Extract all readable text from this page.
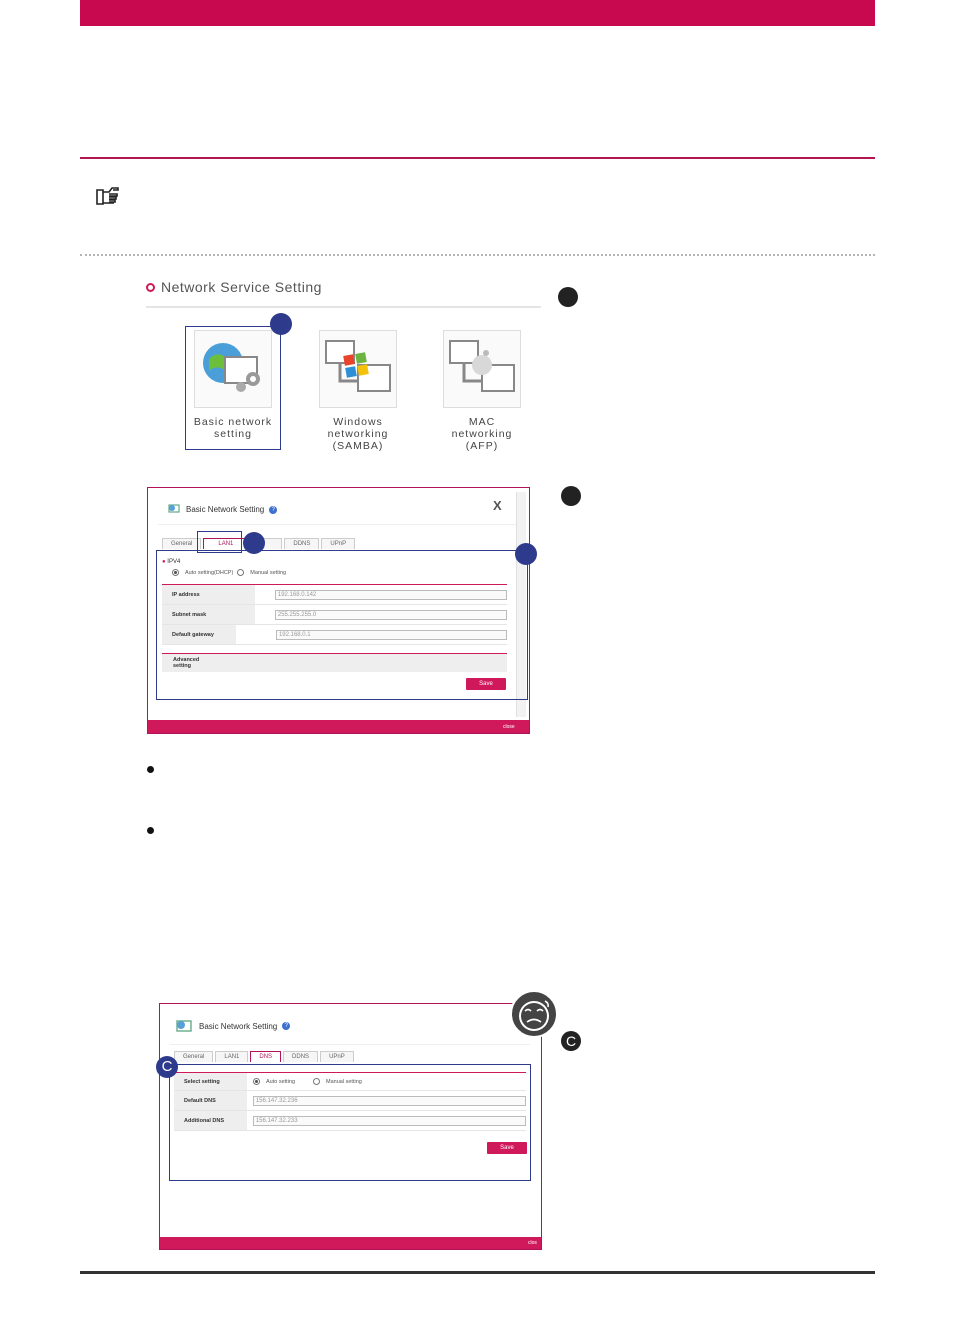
Network Service Setting
Basic network
setting
Windows
networking
(SAMBA)
MAC
networking
(AFP)
Basic Network Setting	?	X
General	LAN1	DDNS	UPnP
● IPV4
Auto setting(DHCP)	Manual setting
IP address	192.168.0.142
Subnet mask	255.255.255.0
Default gateway	192.168.0.1
Advanced setting
Save
close
Basic Network Setting	?
General	LAN1	DNS	DDNS	UPnP
Select setting	Auto setting	Manual setting
Default DNS	156.147.32.236
Additional DNS	156.147.32.233
Save
clos
C
C
